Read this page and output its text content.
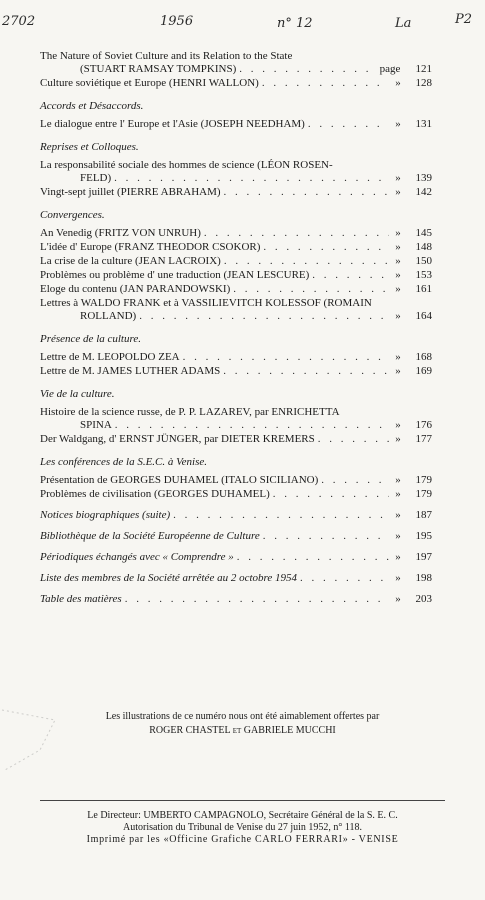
2702	1956	n° 12	La	P2
The Nature of Soviet Culture and its Relation to the State
(STUART RAMSAY TOMPKINS) . . .	page	121
Culture soviétique et Europe (HENRI WALLON) . . .	»	128
Accords et Désaccords.
Le dialogue entre l' Europe et l'Asie (JOSEPH NEEDHAM) . . .	»	131
Reprises et Colloques.
La responsabilité sociale des hommes de science (LÉON ROSEN-
FELD) . . .	»	139
Vingt-sept juillet (PIERRE ABRAHAM) . . .	»	142
Convergences.
An Venedig (FRITZ VON UNRUH) . . .	»	145
L'idée d' Europe (FRANZ THEODOR CSOKOR) . . .	»	148
La crise de la culture (JEAN LACROIX) . . .	»	150
Problèmes ou problème d' une traduction (JEAN LESCURE) . . .	»	153
Eloge du contenu (JAN PARANDOWSKI) . . .	»	161
Lettres à WALDO FRANK et à VASSILIEVITCH KOLESSOF (ROMAIN
ROLLAND) . . .	»	164
Présence de la culture.
Lettre de M. LEOPOLDO ZEA . . .	»	168
Lettre de M. JAMES LUTHER ADAMS . . .	»	169
Vie de la culture.
Histoire de la science russe, de P. P. LAZAREV, par ENRICHETTA
SPINA . . .	»	176
Der Waldgang, d' ERNST JÜNGER, par DIETER KREMERS . . .	»	177
Les conférences de la S.E.C. à Venise.
Présentation de GEORGES DUHAMEL (ITALO SICILIANO) . . .	»	179
Problèmes de civilisation (GEORGES DUHAMEL) . . .	»	179
Notices biographiques (suite) . . .	»	187
Bibliothèque de la Société Européenne de Culture . . .	»	195
Périodiques échangés avec « Comprendre » . . .	»	197
Liste des membres de la Société arrêtée au 2 octobre 1954 . . .	»	198
Table des matières . . .	»	203
Les illustrations de ce numéro nous ont été aimablement offertes par
ROGER CHASTEL et GABRIELE MUCCHI
Le Directeur: UMBERTO CAMPAGNOLO, Secrétaire Général de la S. E. C.
Autorisation du Tribunal de Venise du 27 juin 1952, n° 118.
Imprimé par les «Officine Grafiche CARLO FERRARI» - VENISE
